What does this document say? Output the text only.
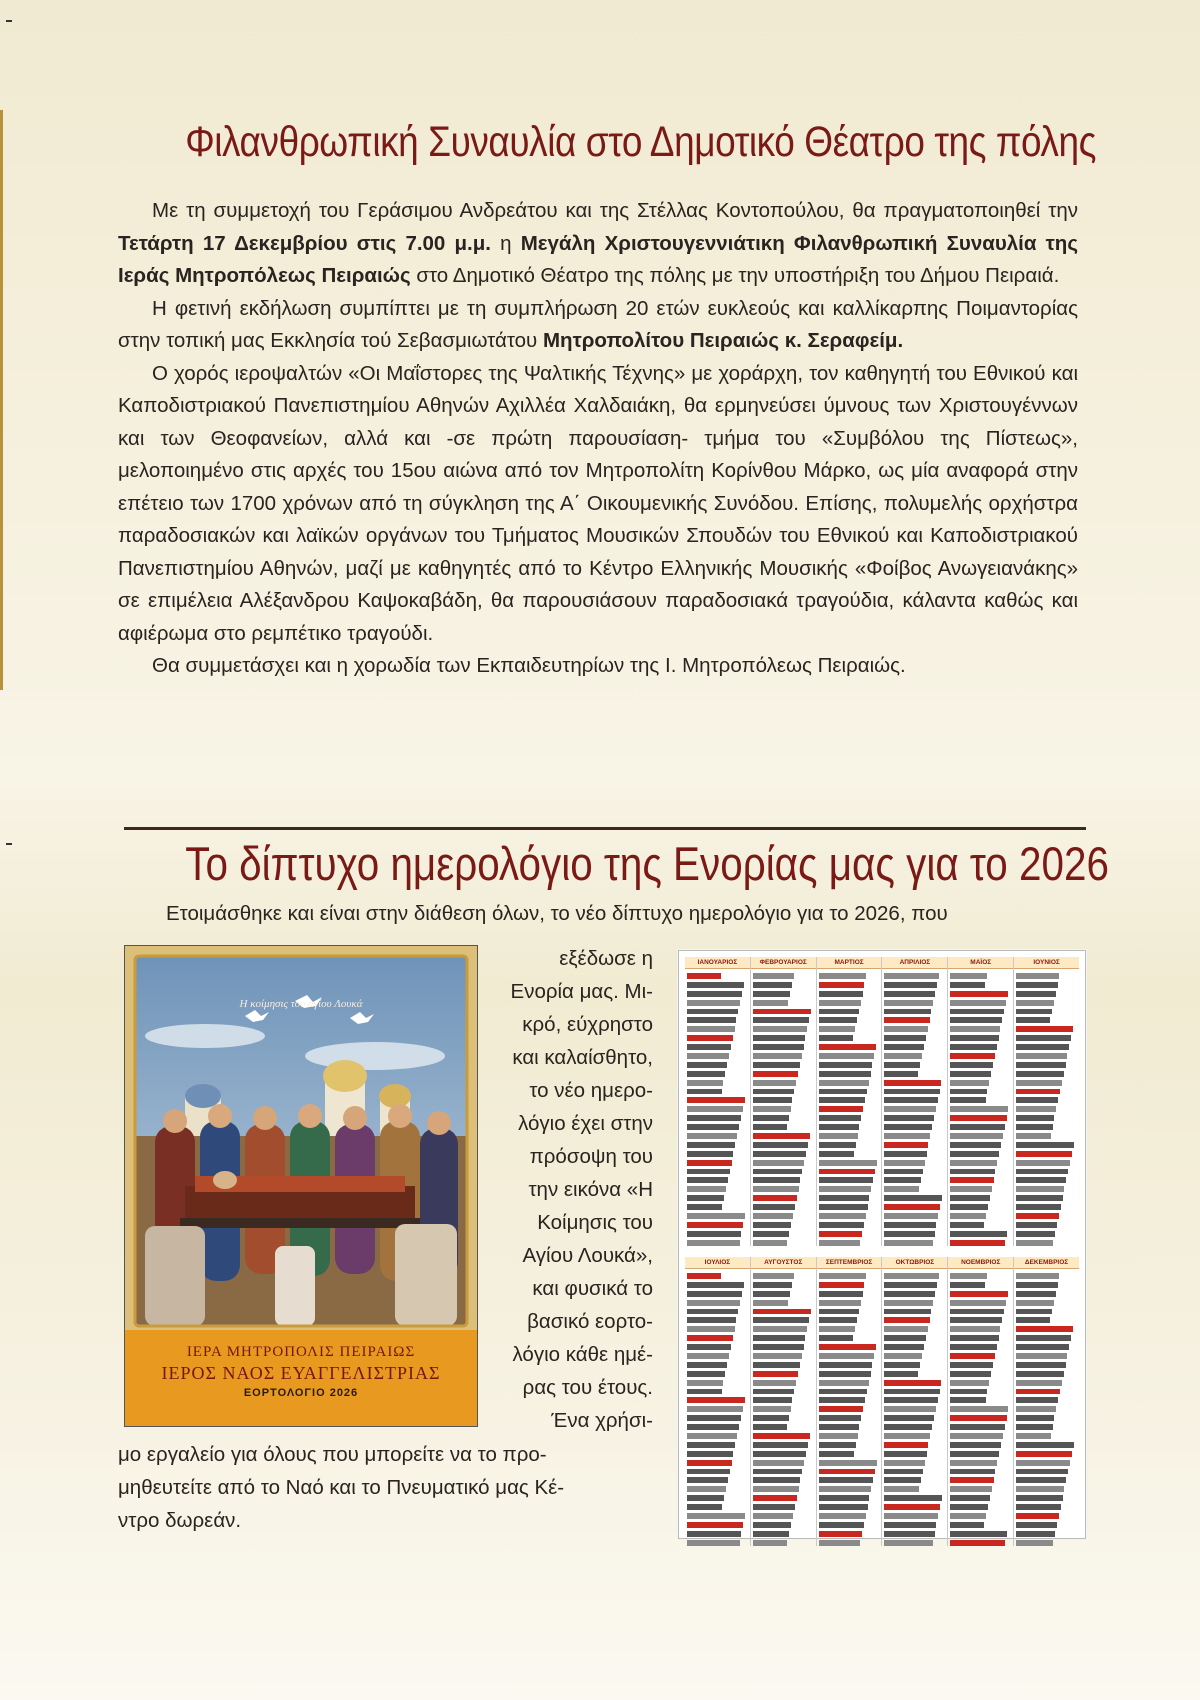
Φιλανθρωπική Συναυλία στο Δημοτικό Θέατρο της πόλης

Με τη συμμετοχή του Γεράσιμου Ανδρεάτου και της Στέλλας Κοντοπούλου, θα πραγματοποιηθεί την Τετάρτη 17 Δεκεμβρίου στις 7.00 μ.μ. η Μεγάλη Χριστουγεννιάτικη Φιλανθρωπική Συναυλία της Ιεράς Μητροπόλεως Πειραιώς στο Δημοτικό Θέατρο της πόλης με την υποστήριξη του Δήμου Πειραιά.

Η φετινή εκδήλωση συμπίπτει με τη συμπλήρωση 20 ετών ευκλεούς και καλλίκαρπης Ποιμαντορίας στην τοπική μας Εκκλησία τού Σεβασμιωτάτου Μητροπολίτου Πειραιώς κ. Σεραφείμ.

Ο χορός ιεροψαλτών «Οι Μαΐστορες της Ψαλτικής Τέχνης» με χοράρχη, τον καθηγητή του Εθνικού και Καποδιστριακού Πανεπιστημίου Αθηνών Αχιλλέα Χαλδαιάκη, θα ερμηνεύσει ύμνους των Χριστουγέννων και των Θεοφανείων, αλλά και -σε πρώτη παρουσίαση- τμήμα του «Συμβόλου της Πίστεως», μελοποιημένο στις αρχές του 15ου αιώνα από τον Μητροπολίτη Κορίνθου Μάρκο, ως μία αναφορά στην επέτειο των 1700 χρόνων από τη σύγκληση της Α΄ Οικουμενικής Συνόδου. Επίσης, πολυμελής ορχήστρα παραδοσιακών και λαϊκών οργάνων του Τμήματος Μουσικών Σπουδών του Εθνικού και Καποδιστριακού Πανεπιστημίου Αθηνών, μαζί με καθηγητές από το Κέντρο Ελληνικής Μουσικής «Φοίβος Ανωγειανάκης» σε επιμέλεια Αλέξανδρου Καψοκαβάδη, θα παρουσιάσουν παραδοσιακά τραγούδια, κάλαντα καθώς και αφιέρωμα στο ρεμπέτικο τραγούδι.

Θα συμμετάσχει και η χορωδία των Εκπαιδευτηρίων της Ι. Μητροπόλεως Πειραιώς.

Το δίπτυχο ημερολόγιο της Ενορίας μας για το 2026

Ετοιμάσθηκε και είναι στην διάθεση όλων, το νέο δίπτυχο ημερολόγιο για το 2026, που

Η κοίμησις του αγίου Λουκά
ΙΕΡΑ ΜΗΤΡΟΠΟΛΙΣ ΠΕΙΡΑΙΩΣ
ΙΕΡΟΣ ΝΑΟΣ ΕΥΑΓΓΕΛΙΣΤΡΙΑΣ
ΕΟΡΤΟΛΟΓΙΟ 2026
εξέδωσε η
Ενορία μας. Μι-
κρό, εύχρηστο
και καλαίσθητο,
το νέο ημερο-
λόγιο έχει στην
πρόσοψη του
την εικόνα «Η
Κοίμησις του
Αγίου Λουκά»,
και φυσικά το
βασικό εορτο-
λόγιο κάθε ημέ-
ρας του έτους.
Ένα χρήσι-
μο εργαλείο για όλους που μπορείτε να το προ-
μηθευτείτε από το Ναό και το Πνευματικό μας Κέ-
ντρο δωρεάν.
ΙΑΝΟΥΑΡΙΟΣ	ΦΕΒΡΟΥΑΡΙΟΣ	ΜΑΡΤΙΟΣ	ΑΠΡΙΛΙΟΣ	ΜΑΪΟΣ	ΙΟΥΝΙΟΣ
ΙΟΥΛΙΟΣ	ΑΥΓΟΥΣΤΟΣ	ΣΕΠΤΕΜΒΡΙΟΣ	ΟΚΤΩΒΡΙΟΣ	ΝΟΕΜΒΡΙΟΣ	ΔΕΚΕΜΒΡΙΟΣ
